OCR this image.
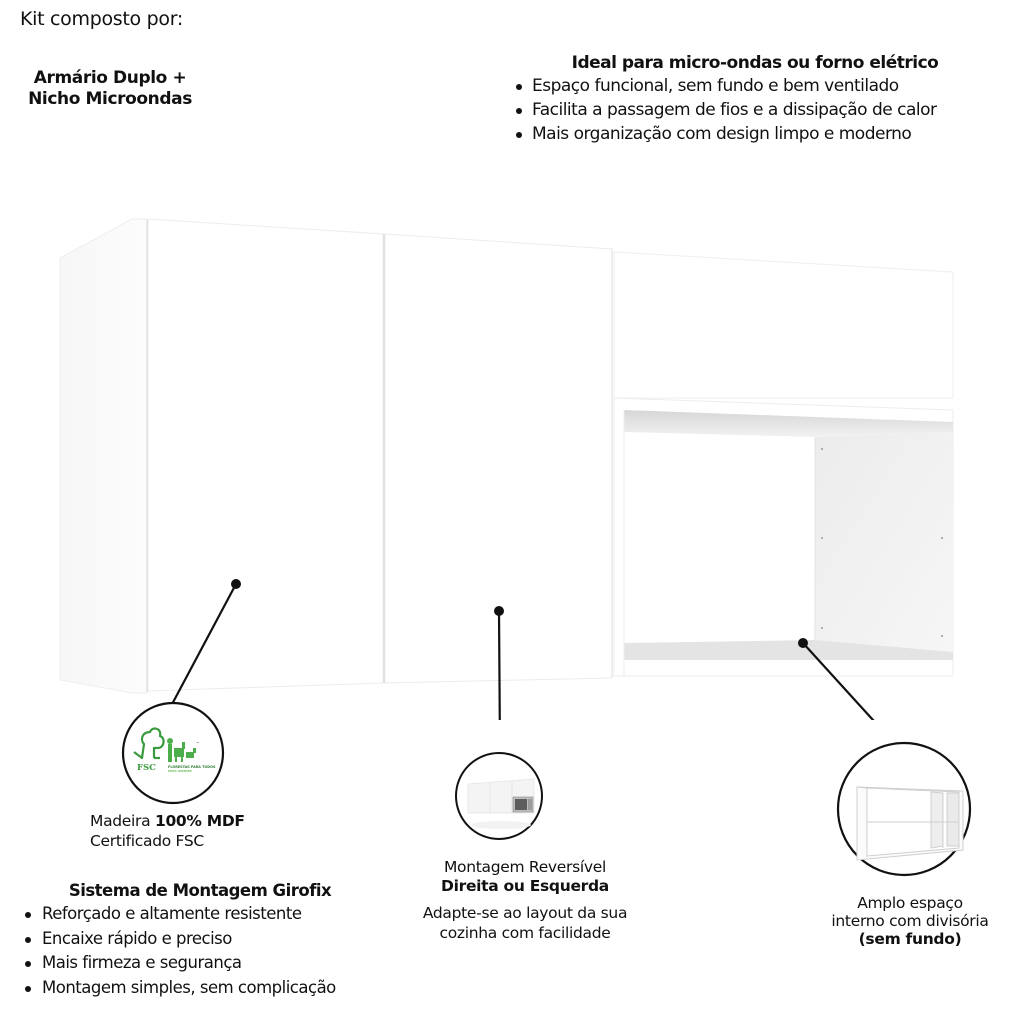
Kit composto por:
Armário Duplo +
Nicho Microondas
Ideal para micro-ondas ou forno elétrico
Espaço funcional, sem fundo e bem ventilado
Facilita a passagem de fios e a dissipação de calor
Mais organização com design limpo e moderno
FSC
™
FLORESTAS PARA TODOS
PARA SEMPRE
Madeira 100% MDF
Certificado FSC
Montagem Reversível
Direita ou Esquerda
Adapte-se ao layout da sua
cozinha com facilidade
Amplo espaço
interno com divisória
(sem fundo)
Sistema de Montagem Girofix
Reforçado e altamente resistente
Encaixe rápido e preciso
Mais firmeza e segurança
Montagem simples, sem complicação
